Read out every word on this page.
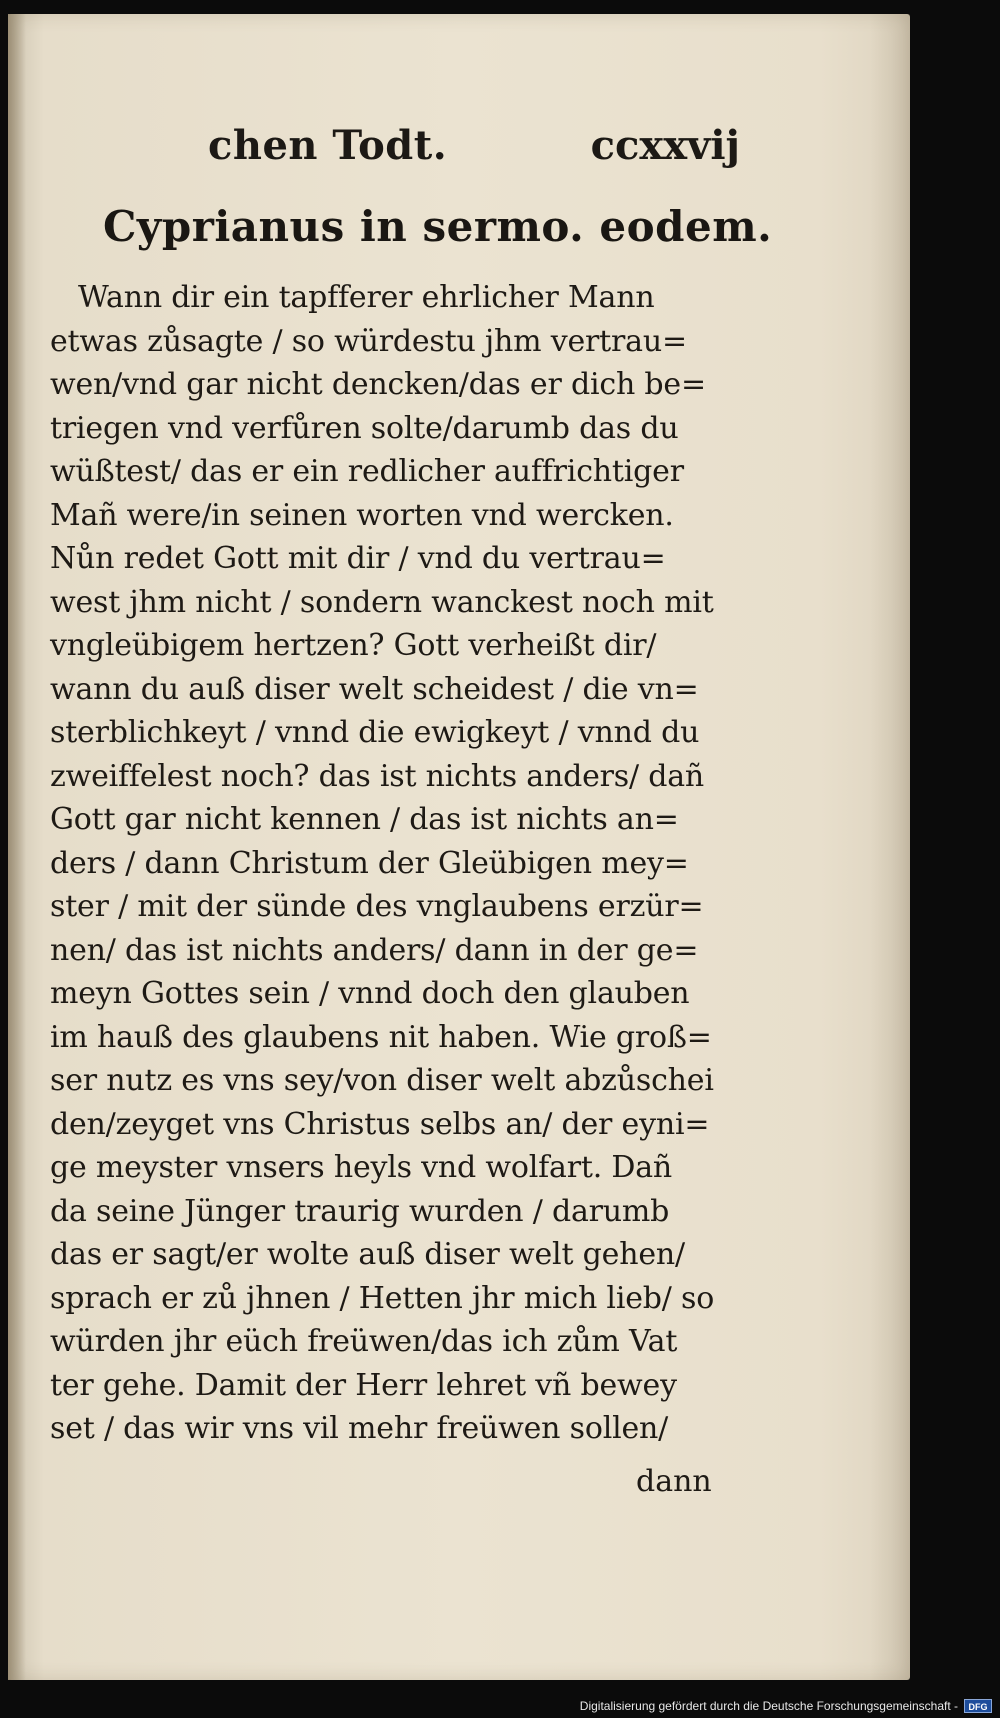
chen Todt.	ccxxvij
Cyprianus in sermo. eodem.
Wann dir ein tapfferer ehrlicher Mann
etwas zůsagte / so würdestu jhm vertrau=
wen/vnd gar nicht dencken/das er dich be=
triegen vnd verfůren solte/darumb das du
wüßtest/ das er ein redlicher auffrichtiger
Mañ were/in seinen worten vnd wercken.
Nůn redet Gott mit dir / vnd du vertrau=
west jhm nicht / sondern wanckest noch mit
vngleübigem hertzen? Gott verheißt dir/
wann du auß diser welt scheidest / die vn=
sterblichkeyt / vnnd die ewigkeyt / vnnd du
zweiffelest noch? das ist nichts anders/ dañ
Gott gar nicht kennen / das ist nichts an=
ders / dann Christum der Gleübigen mey=
ster / mit der sünde des vnglaubens erzür=
nen/ das ist nichts anders/ dann in der ge=
meyn Gottes sein / vnnd doch den glauben
im hauß des glaubens nit haben. Wie groß=
ser nutz es vns sey/von diser welt abzůschei
den/zeyget vns Christus selbs an/ der eyni=
ge meyster vnsers heyls vnd wolfart. Dañ
da seine Jünger traurig wurden / darumb
das er sagt/er wolte auß diser welt gehen/
sprach er zů jhnen / Hetten jhr mich lieb/ so
würden jhr eüch freüwen/das ich zům Vat
ter gehe. Damit der Herr lehret vñ bewey
set / das wir vns vil mehr freüwen sollen/
dann
Digitalisierung gefördert durch die Deutsche Forschungsgemeinschaft -	DFG
